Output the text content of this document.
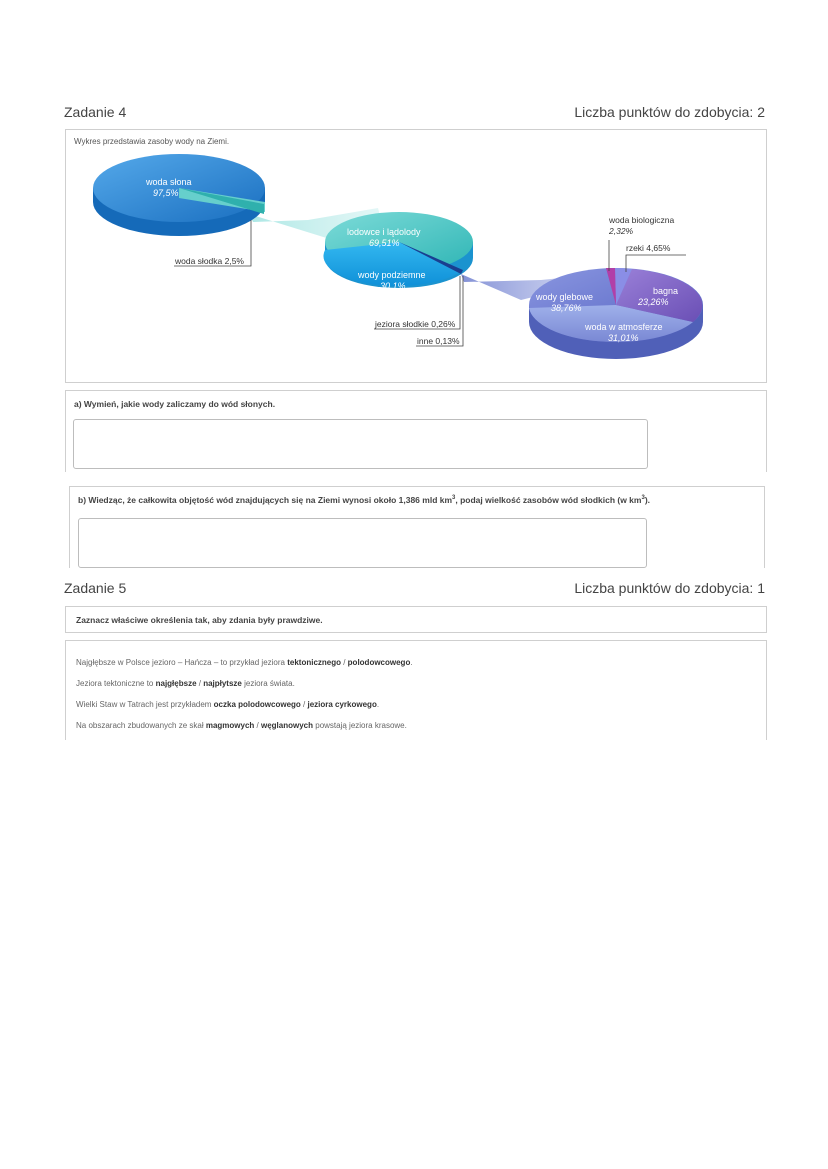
Zadanie 4	Liczba punktów do zdobycia: 2
Wykres przedstawia zasoby wody na Ziemi.
woda słona
97,5%
woda słodka 2,5%
lodowce i lądolody
69,51%
wody podziemne
30,1%
jeziora słodkie 0,26%
inne 0,13%
wody glebowe
38,76%
bagna
23,26%
woda w atmosferze
31,01%
woda biologiczna
2,32%
rzeki 4,65%
a) Wymień, jakie wody zaliczamy do wód słonych.
b) Wiedząc, że całkowita objętość wód znajdujących się na Ziemi wynosi około 1,386 mld $km^3$, podaj wielkość zasobów wód słodkich (w $km^3$).
Zadanie 5	Liczba punktów do zdobycia: 1
Zaznacz właściwe określenia tak, aby zdania były prawdziwe.
Najgłębsze w Polsce jezioro – Hańcza – to przykład jeziora tektonicznego / polodowcowego.
Jeziora tektoniczne to najgłębsze / najpłytsze jeziora świata.
Wielki Staw w Tatrach jest przykładem oczka polodowcowego / jeziora cyrkowego.
Na obszarach zbudowanych ze skał magmowych / węglanowych powstają jeziora krasowe.
